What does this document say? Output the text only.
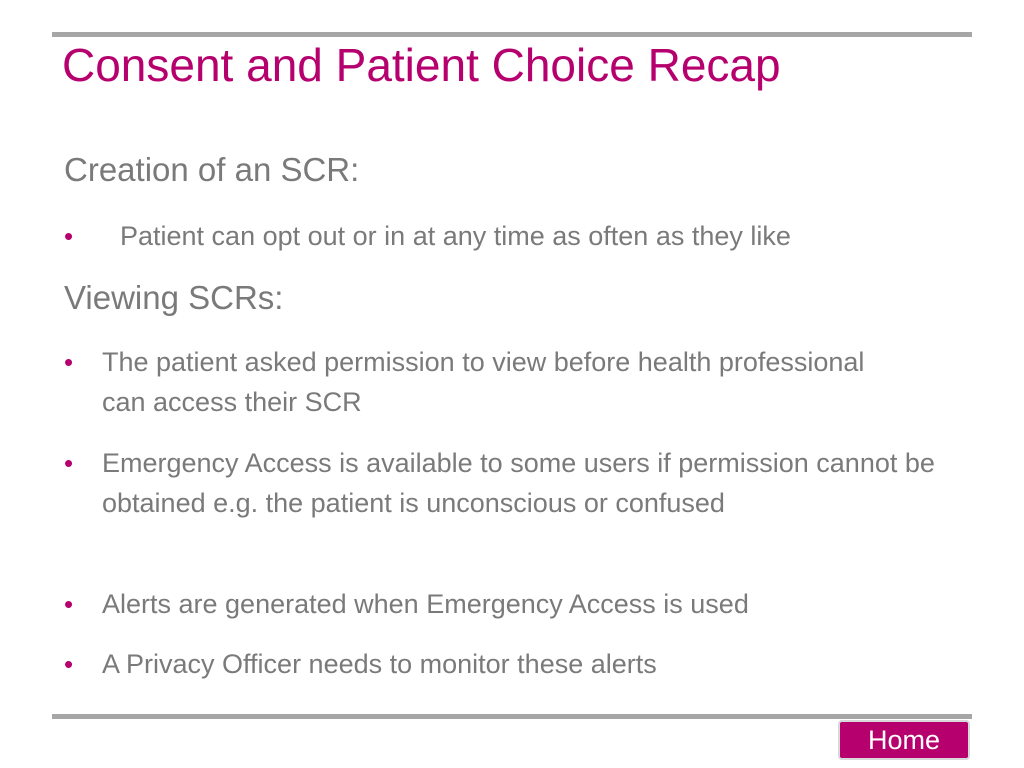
Consent and Patient Choice Recap
Creation of an SCR:
•	Patient can opt out or in at any time as often as they like
Viewing SCRs:
•	The patient asked permission to view before health professional can access their SCR
•	Emergency Access is available to some users if permission cannot be obtained e.g. the patient is unconscious or confused
•	Alerts are generated when Emergency Access is used
•	A Privacy Officer needs to monitor these alerts
Home
